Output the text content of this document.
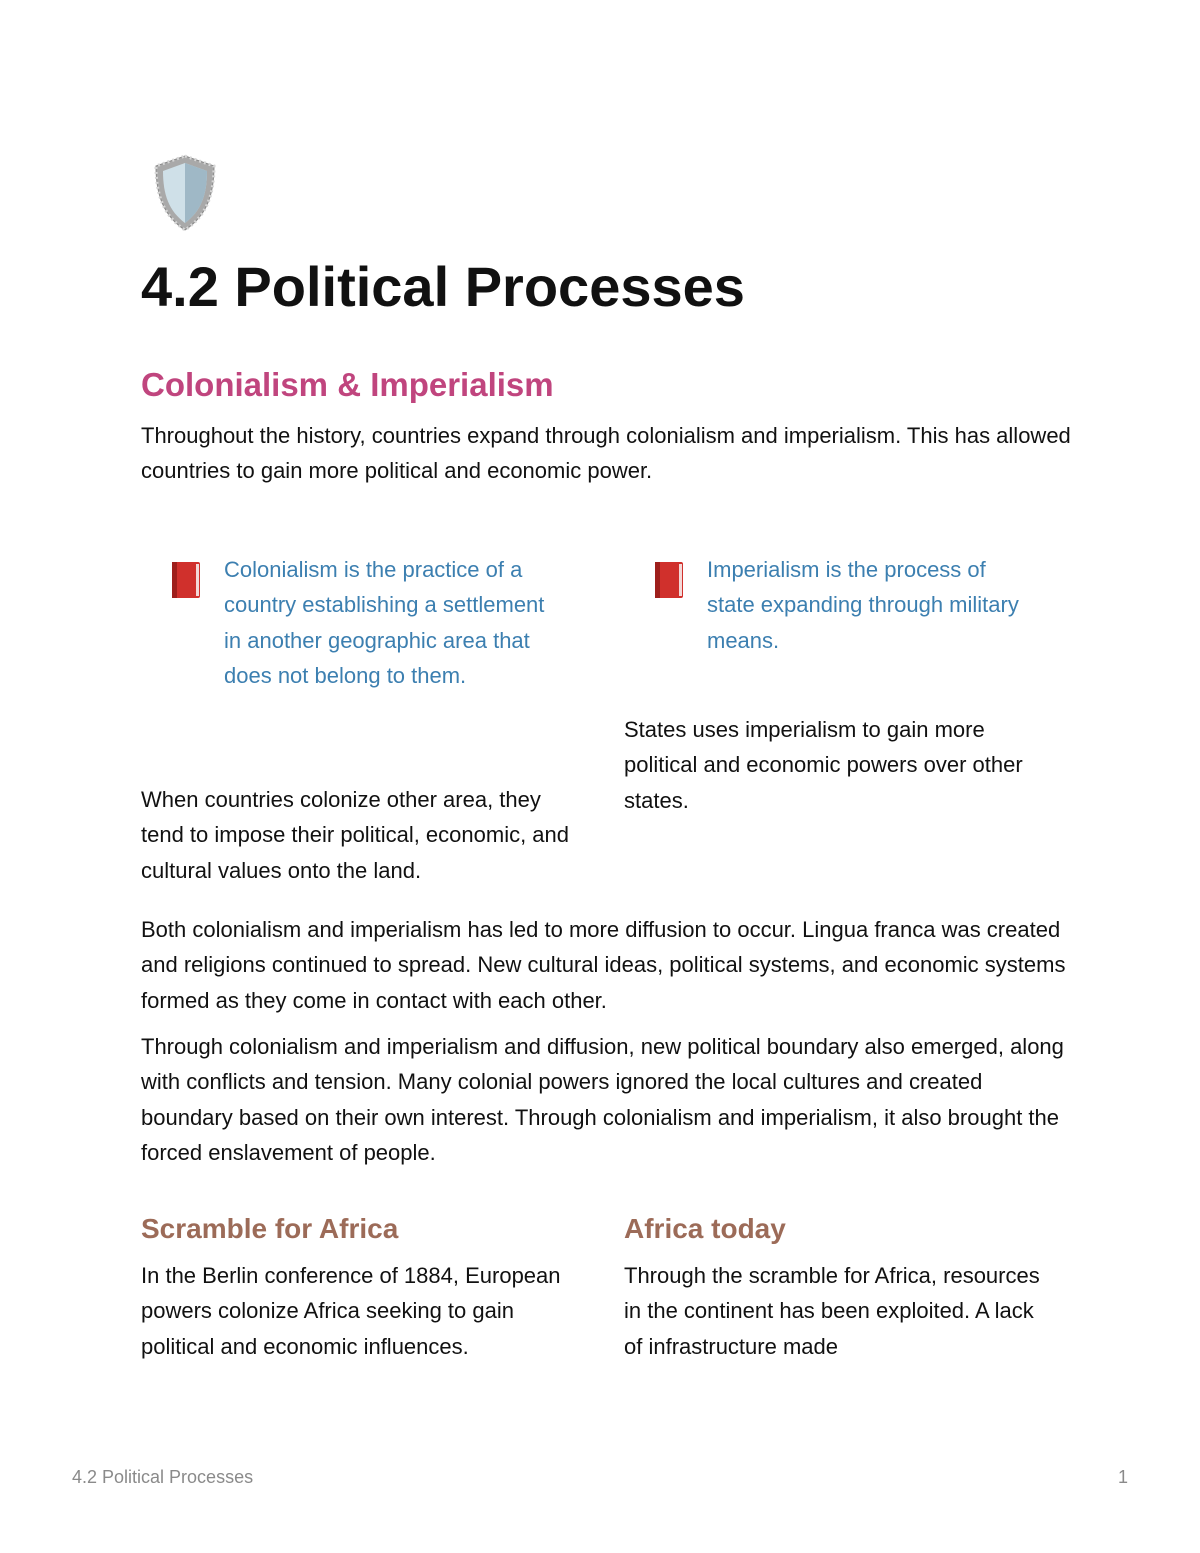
4.2 Political Processes
Colonialism & Imperialism

Throughout the history, countries expand through colonialism and imperialism. This has allowed countries to gain more political and economic power.

Colonialism is the practice of a country establishing a settlement in another geographic area that does not belong to them.

Imperialism is the process of state expanding through military means.

When countries colonize other area, they tend to impose their political, economic, and cultural values onto the land.

States uses imperialism to gain more political and economic powers over other states.

Both colonialism and imperialism has led to more diffusion to occur. Lingua franca was created and religions continued to spread. New cultural ideas, political systems, and economic systems formed as they come in contact with each other.

Through colonialism and imperialism and diffusion, new political boundary also emerged, along with conflicts and tension. Many colonial powers ignored the local cultures and created boundary based on their own interest. Through colonialism and imperialism, it also brought the forced enslavement of people.

Scramble for Africa

In the Berlin conference of 1884, European powers colonize Africa seeking to gain political and economic influences.

Africa today

Through the scramble for Africa, resources in the continent has been exploited. A lack of infrastructure made

4.2 Political Processes	1
